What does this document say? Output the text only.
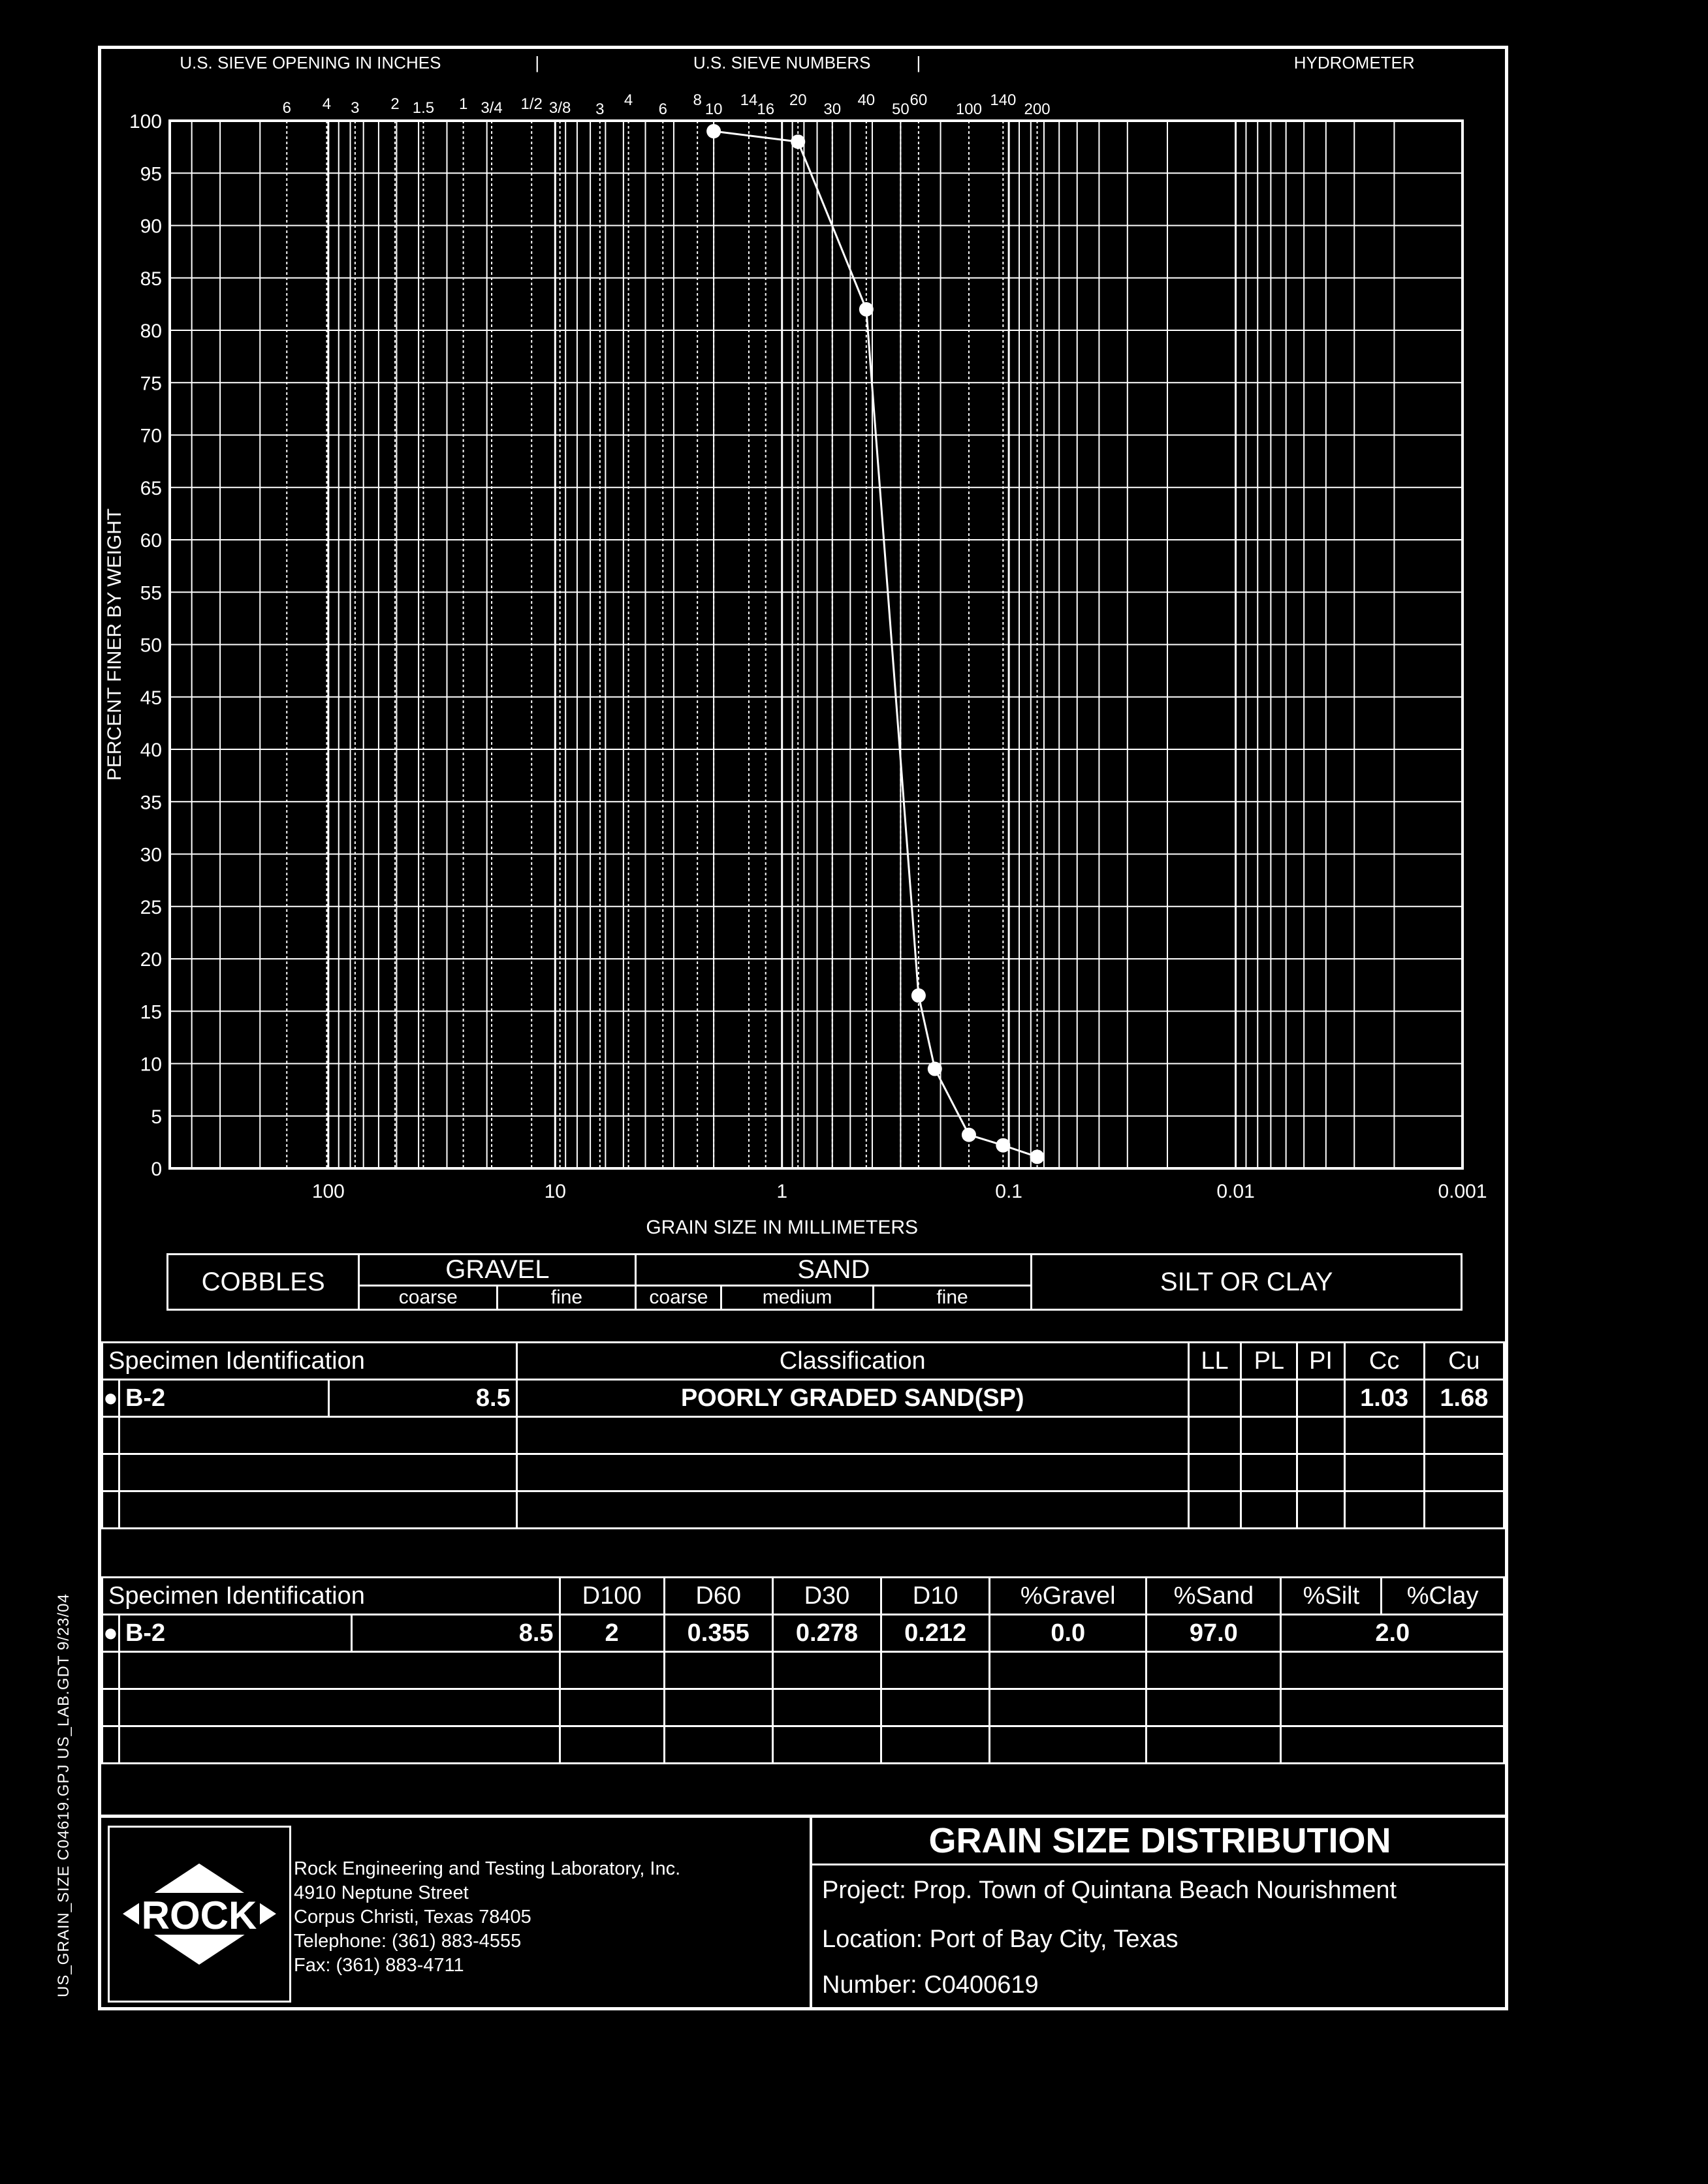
US_GRAIN_SIZE C04619.GPJ US_LAB.GDT 9/23/04
0
5
10
15
20
25
30
35
40
45
50
55
60
65
70
75
80
85
90
95
100
100	10	1	0.1	0.01	0.001
6 4 3 2 1.5 1 3/4 1/2 3/8 3
4
6
8
10
14
16
20
30
40
50
60
100
140
200
U.S. SIEVE OPENING IN INCHES	U.S. SIEVE NUMBERS	HYDROMETER
|
|
GRAIN SIZE IN MILLIMETERS
PERCENT FINER BY WEIGHT
COBBLES	GRAVEL		SAND			SILT OR CLAY
	coarse	fine	coarse	medium	fine	
Specimen Identification			Classification	LL	PL	PI	Cc	Cu
●	B-2	8.5	POORLY GRADED SAND(SP)				1.03	1.68

Specimen Identification			D100	D60	D30	D10	%Gravel	%Sand	%Silt	%Clay
●	B-2	8.5	2	0.355	0.278	0.212	0.0	97.0	2.0	

ROCK
Rock Engineering and Testing Laboratory, Inc.
4910 Neptune Street
Corpus Christi, Texas 78405
Telephone: (361) 883-4555
Fax: (361) 883-4711
GRAIN SIZE DISTRIBUTION
Project: Prop. Town of Quintana Beach Nourishment
Location: Port of Bay City, Texas
Number: C0400619
